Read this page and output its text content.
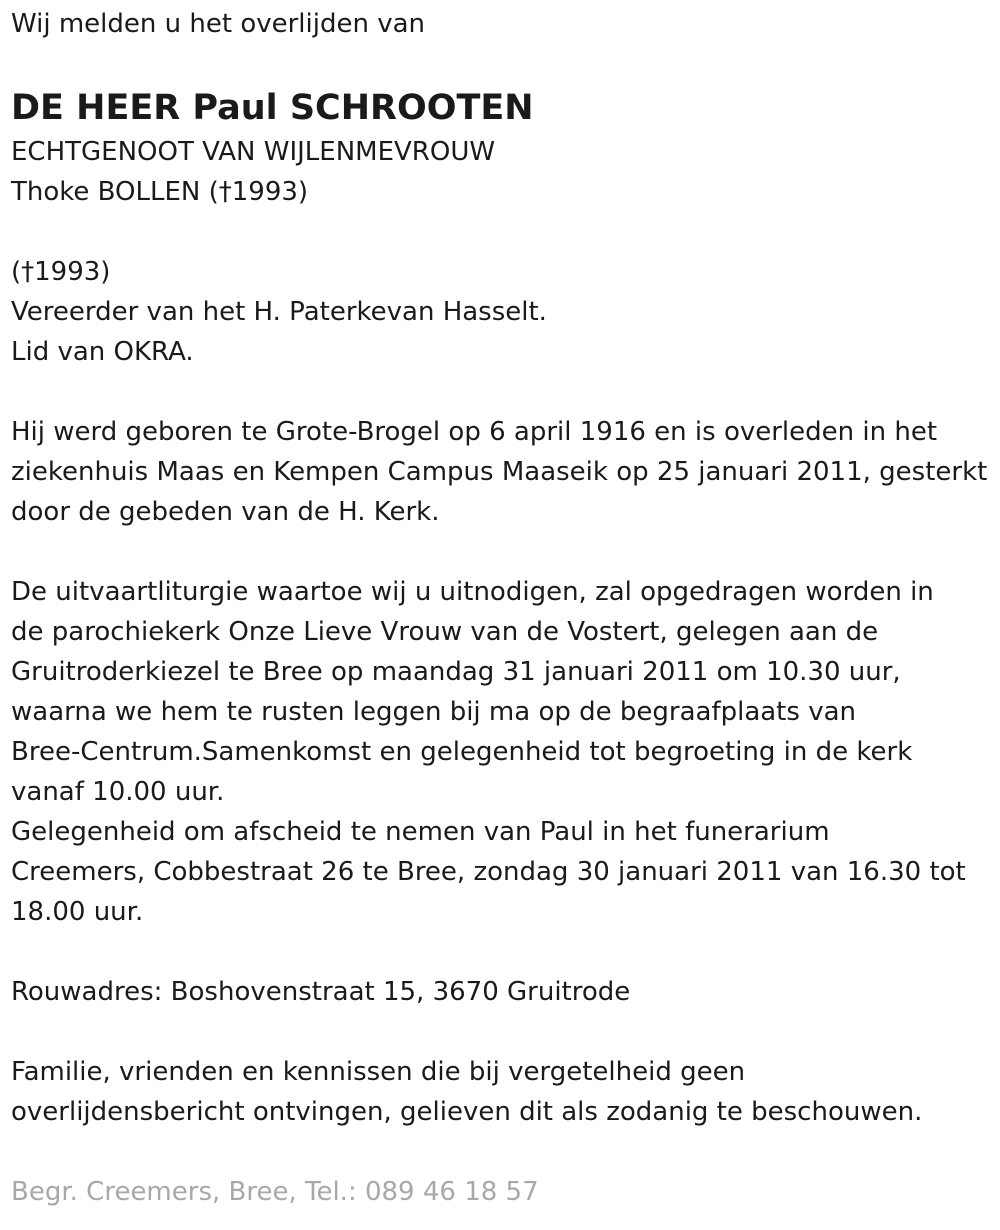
Wij melden u het overlijden van
DE HEER Paul SCHROOTEN
ECHTGENOOT VAN WIJLENMEVROUW
Thoke BOLLEN (†1993)
(†1993)
Vereerder van het H. Paterkevan Hasselt.
Lid van OKRA.
Hij werd geboren te Grote-Brogel op 6 april 1916 en is overleden in het
ziekenhuis Maas en Kempen Campus Maaseik op 25 januari 2011, gesterkt
door de gebeden van de H. Kerk.
De uitvaartliturgie waartoe wij u uitnodigen, zal opgedragen worden in
de parochiekerk Onze Lieve Vrouw van de Vostert, gelegen aan de
Gruitroderkiezel te Bree op maandag 31 januari 2011 om 10.30 uur,
waarna we hem te rusten leggen bij ma op de begraafplaats van
Bree-Centrum.Samenkomst en gelegenheid tot begroeting in de kerk
vanaf 10.00 uur.
Gelegenheid om afscheid te nemen van Paul in het funerarium
Creemers, Cobbestraat 26 te Bree, zondag 30 januari 2011 van 16.30 tot
18.00 uur.
Rouwadres: Boshovenstraat 15, 3670 Gruitrode
Familie, vrienden en kennissen die bij vergetelheid geen
overlijdensbericht ontvingen, gelieven dit als zodanig te beschouwen.
Begr. Creemers, Bree, Tel.: 089 46 18 57
